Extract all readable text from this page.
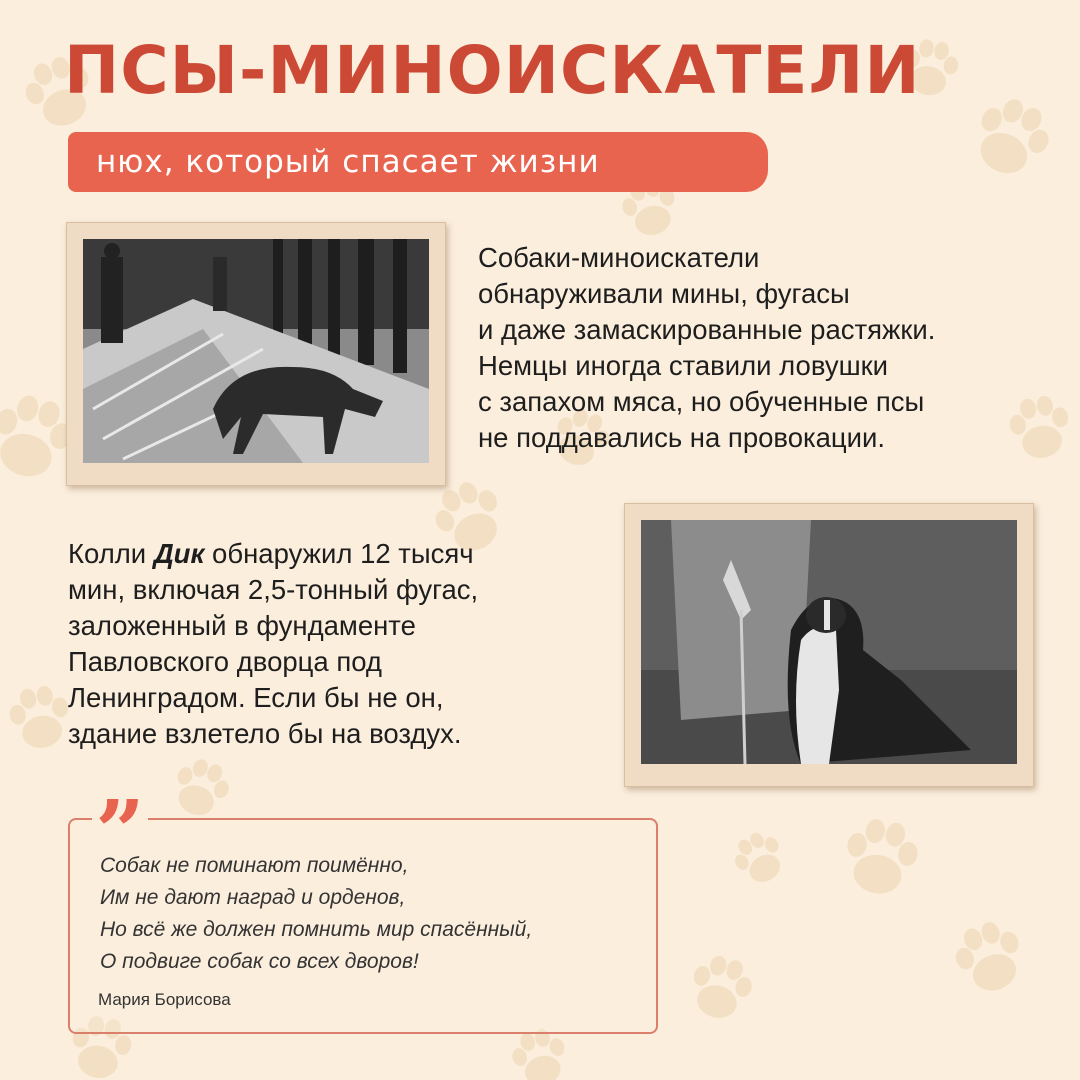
ПСЫ-МИНОИСКАТЕЛИ
нюх, который спасает жизни

Собаки-миноискатели
обнаруживали мины, фугасы
и даже замаскированные растяжки.
Немцы иногда ставили ловушки
с запахом мяса, но обученные псы
не поддавались на провокации.

Колли Дик обнаружил 12 тысяч
мин, включая 2,5-тонный фугас,
заложенный в фундаменте
Павловского дворца под
Ленинградом. Если бы не он,
здание взлетело бы на воздух.

”

Собак не поминают поимённо,
Им не дают наград и орденов,
Но всё же должен помнить мир спасённый,
О подвиге собак со всех дворов!

Мария Борисова
